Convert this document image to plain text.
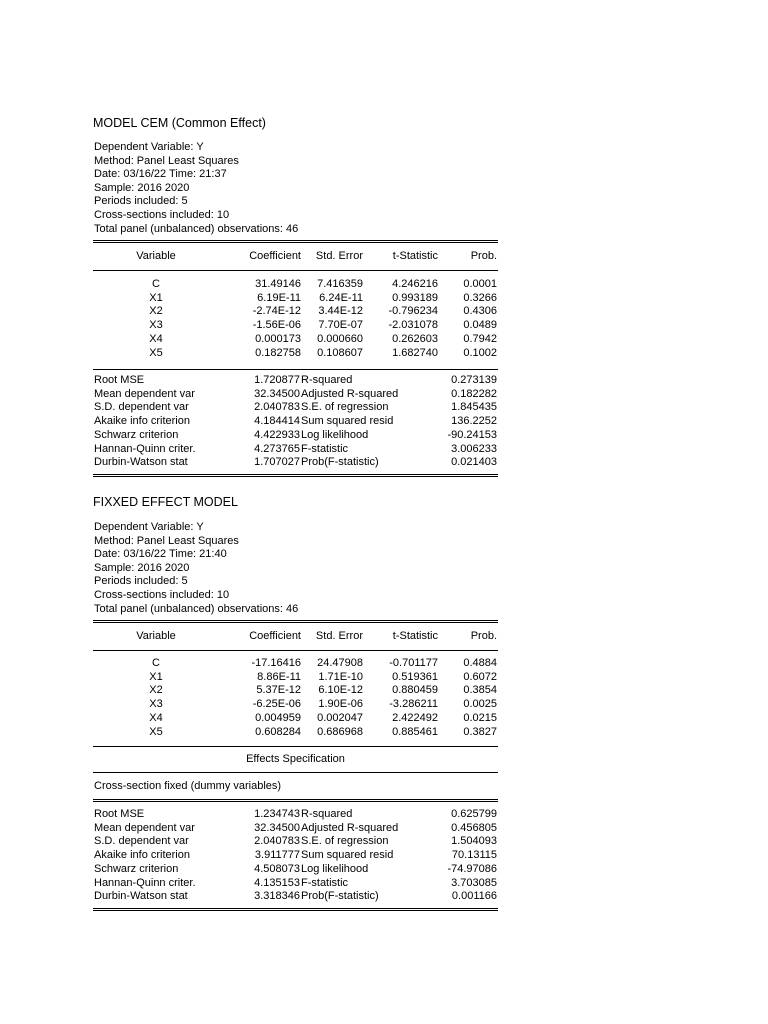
MODEL CEM (Common Effect)
Dependent Variable: Y
Method: Panel Least Squares
Date: 03/16/22 Time: 21:37
Sample: 2016 2020
Periods included: 5
Cross-sections included: 10
Total panel (unbalanced) observations: 46
Variable	Coefficient Std. Error	t-Statistic	Prob.
C	31.49146 7.416359	4.246216 0.0001
X1	6.19E-11 6.24E-11	0.993189 0.3266
X2	-2.74E-12 3.44E-12 -0.796234 0.4306
X3	-1.56E-06 7.70E-07 -2.031078 0.0489
X4	0.000173 0.000660	0.262603 0.7942
X5	0.182758 0.108607	1.682740 0.1002
Root MSE	1.720877 R-squared	0.273139
Mean dependent var	32.34500 Adjusted R-squared	0.182282
S.D. dependent var	2.040783 S.E. of regression	1.845435
Akaike info criterion	4.184414 Sum squared resid	136.2252
Schwarz criterion	4.422933 Log likelihood	-90.24153
Hannan-Quinn criter.	4.273765 F-statistic	3.006233
Durbin-Watson stat	1.707027 Prob(F-statistic)	0.021403
FIXXED EFFECT MODEL
Dependent Variable: Y
Method: Panel Least Squares
Date: 03/16/22 Time: 21:40
Sample: 2016 2020
Periods included: 5
Cross-sections included: 10
Total panel (unbalanced) observations: 46
Variable	Coefficient Std. Error	t-Statistic	Prob.
C	-17.16416 24.47908 -0.701177 0.4884
X1	8.86E-11 1.71E-10	0.519361 0.6072
X2	5.37E-12 6.10E-12	0.880459 0.3854
X3	-6.25E-06 1.90E-06 -3.286211 0.0025
X4	0.004959 0.002047	2.422492 0.0215
X5	0.608284 0.686968	0.885461 0.3827
Effects Specification
Cross-section fixed (dummy variables)
Root MSE	1.234743 R-squared	0.625799
Mean dependent var	32.34500 Adjusted R-squared	0.456805
S.D. dependent var	2.040783 S.E. of regression	1.504093
Akaike info criterion	3.911777 Sum squared resid	70.13115
Schwarz criterion	4.508073 Log likelihood	-74.97086
Hannan-Quinn criter.	4.135153 F-statistic	3.703085
Durbin-Watson stat	3.318346 Prob(F-statistic)	0.001166
